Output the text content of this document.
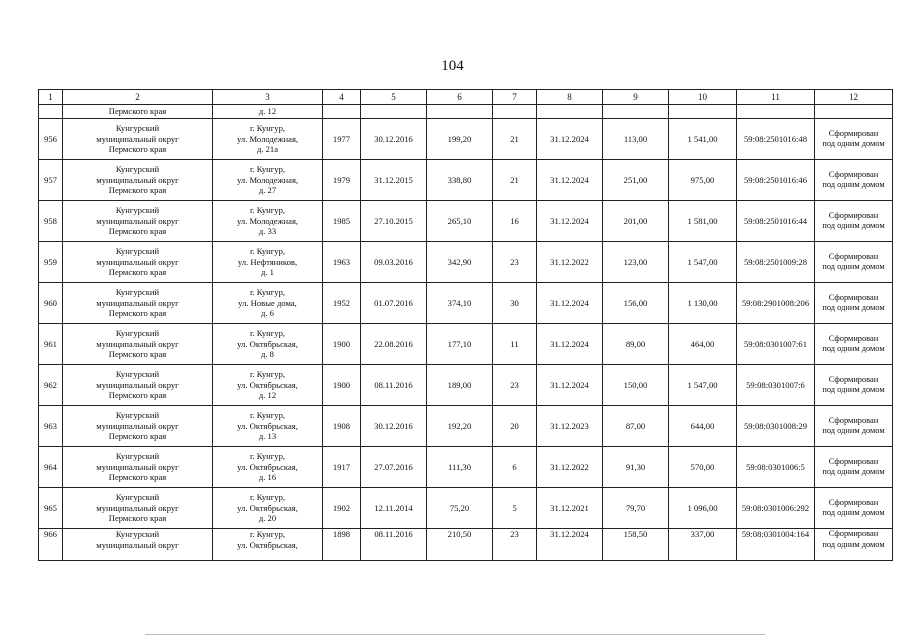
104
1	2	3	4	5	6	7	8	9	10	11	12
	Пермского края	д. 12									
956	Кунгурский
муниципальный округ
Пермского края	г. Кунгур,
ул. Молодежная,
д. 21а	1977	30.12.2016	199,20	21	31.12.2024	113,00	1 541,00	59:08:2501016:48	Сформирован
под одним домом
957	Кунгурский
муниципальный округ
Пермского края	г. Кунгур,
ул. Молодежная,
д. 27	1979	31.12.2015	338,80	21	31.12.2024	251,00	975,00	59:08:2501016:46	Сформирован
под одним домом
958	Кунгурский
муниципальный округ
Пермского края	г. Кунгур,
ул. Молодежная,
д. 33	1985	27.10.2015	265,10	16	31.12.2024	201,00	1 581,00	59:08:2501016:44	Сформирован
под одним домом
959	Кунгурский
муниципальный округ
Пермского края	г. Кунгур,
ул. Нефтяников,
д. 1	1963	09.03.2016	342,90	23	31.12.2022	123,00	1 547,00	59:08:2501009:28	Сформирован
под одним домом
960	Кунгурский
муниципальный округ
Пермского края	г. Кунгур,
ул. Новые дома,
д. 6	1952	01.07.2016	374,10	30	31.12.2024	156,00	1 130,00	59:08:2901008:206	Сформирован
под одним домом
961	Кунгурский
муниципальный округ
Пермского края	г. Кунгур,
ул. Октябрьская,
д. 8	1900	22.08.2016	177,10	11	31.12.2024	89,00	464,00	59:08:0301007:61	Сформирован
под одним домом
962	Кунгурский
муниципальный округ
Пермского края	г. Кунгур,
ул. Октябрьская,
д. 12	1900	08.11.2016	189,00	23	31.12.2024	150,00	1 547,00	59:08:0301007:6	Сформирован
под одним домом
963	Кунгурский
муниципальный округ
Пермского края	г. Кунгур,
ул. Октябрьская,
д. 13	1908	30.12.2016	192,20	20	31.12.2023	87,00	644,00	59:08:0301008:29	Сформирован
под одним домом
964	Кунгурский
муниципальный округ
Пермского края	г. Кунгур,
ул. Октябрьская,
д. 16	1917	27.07.2016	111,30	6	31.12.2022	91,30	570,00	59:08:0301006:5	Сформирован
под одним домом
965	Кунгурский
муниципальный округ
Пермского края	г. Кунгур,
ул. Октябрьская,
д. 20	1902	12.11.2014	75,20	5	31.12.2021	79,70	1 096,00	59:08:0301006:292	Сформирован
под одним домом
966	Кунгурский
муниципальный округ	г. Кунгур,
ул. Октябрьская,	1898	08.11.2016	210,50	23	31.12.2024	158,50	337,00	59:08:0301004:164	Сформирован
под одним домом
